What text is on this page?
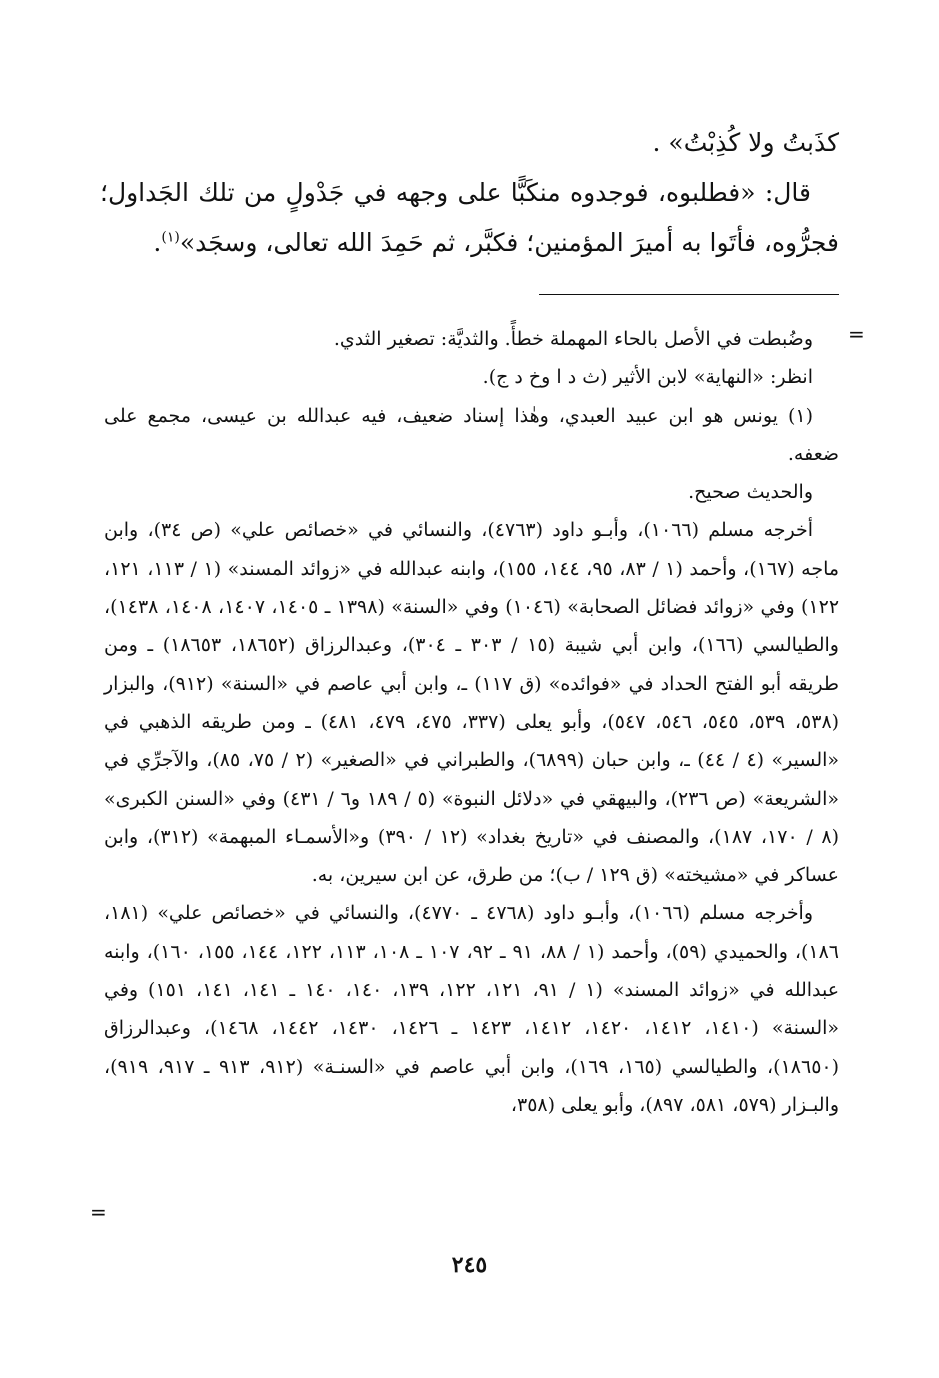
كذَبتُ ولا كُذِبْتُ» .

قال: «فطلبوه، فوجدوه منكَبًّا على وجهه في جَدْولٍ من تلك الجَداول؛ فجرُّوه، فأتَوا به أميرَ المؤمنين؛ فكبَّر، ثم حَمِدَ الله تعالى، وسجَد»$^{(١)}$.

=

وضُبطت في الأصل بالحاء المهملة خطأً. والثديَّة: تصغير الثدي.

انظر: «النهاية» لابن الأثير (ث د ا وخ د ج).

(١) يونس هو ابن عبيد العبدي، وهٰذا إسناد ضعيف، فيه عبدالله بن عيسى، مجمع على ضعفه.

والحديث صحيح.

أخرجه مسلم (١٠٦٦)، وأبـو داود (٤٧٦٣)، والنسائي في «خصائص علي» (ص ٣٤)، وابن ماجه (١٦٧)، وأحمد (١ / ٨٣، ٩٥، ١٤٤، ١٥٥)، وابنه عبدالله في «زوائد المسند» (١ / ١١٣، ١٢١، ١٢٢) وفي «زوائد فضائل الصحابة» (١٠٤٦) وفي «السنة» (١٣٩٨ ـ ١٤٠٥، ١٤٠٧، ١٤٠٨، ١٤٣٨)، والطيالسي (١٦٦)، وابن أبي شيبة (١٥ / ٣٠٣ ـ ٣٠٤)، وعبدالرزاق (١٨٦٥٢، ١٨٦٥٣) ـ ومن طريقه أبو الفتح الحداد في «فوائده» (ق ١١٧) ـ، وابن أبي عاصم في «السنة» (٩١٢)، والبزار (٥٣٨، ٥٣٩، ٥٤٥، ٥٤٦، ٥٤٧)، وأبو يعلى (٣٣٧، ٤٧٥، ٤٧٩، ٤٨١) ـ ومن طريقه الذهبي في «السير» (٤ / ٤٤) ـ، وابن حبان (٦٨٩٩)، والطبراني في «الصغير» (٢ / ٧٥، ٨٥)، والآجرِّي في «الشريعة» (ص ٢٣٦)، والبيهقي في «دلائل النبوة» (٥ / ١٨٩ و٦ / ٤٣١) وفي «السنن الكبرى» (٨ / ١٧٠، ١٨٧)، والمصنف في «تاريخ بغداد» (١٢ / ٣٩٠) و«الأسمـاء المبهمة» (٣١٢)، وابن عساكر في «مشيخته» (ق ١٢٩ / ب)؛ من طرق، عن ابن سيرين، به.

وأخرجه مسلم (١٠٦٦)، وأبـو داود (٤٧٦٨ ـ ٤٧٧٠)، والنسائي في «خصائص علي» (١٨١، ١٨٦)، والحميدي (٥٩)، وأحمد (١ / ٨٨، ٩١ ـ ٩٢، ١٠٧ ـ ١٠٨، ١١٣، ١٢٢، ١٤٤، ١٥٥، ١٦٠)، وابنه عبدالله في «زوائد المسند» (١ / ٩١، ١٢١، ١٢٢، ١٣٩، ١٤٠، ١٤٠ ـ ١٤١، ١٤١، ١٥١) وفي «السنة» (١٤١٠، ١٤١٢، ١٤٢٠، ١٤١٢، ١٤٢٣ ـ ١٤٢٦، ١٤٣٠، ١٤٤٢، ١٤٦٨)، وعبدالرزاق (١٨٦٥٠)، والطيالسي (١٦٥، ١٦٩)، وابن أبي عاصم في «السنـة» (٩١٢، ٩١٣ ـ ٩١٧، ٩١٩)، والبـزار (٥٧٩، ٥٨١، ٨٩٧)، وأبو يعلى (٣٥٨،

=
٢٤٥
